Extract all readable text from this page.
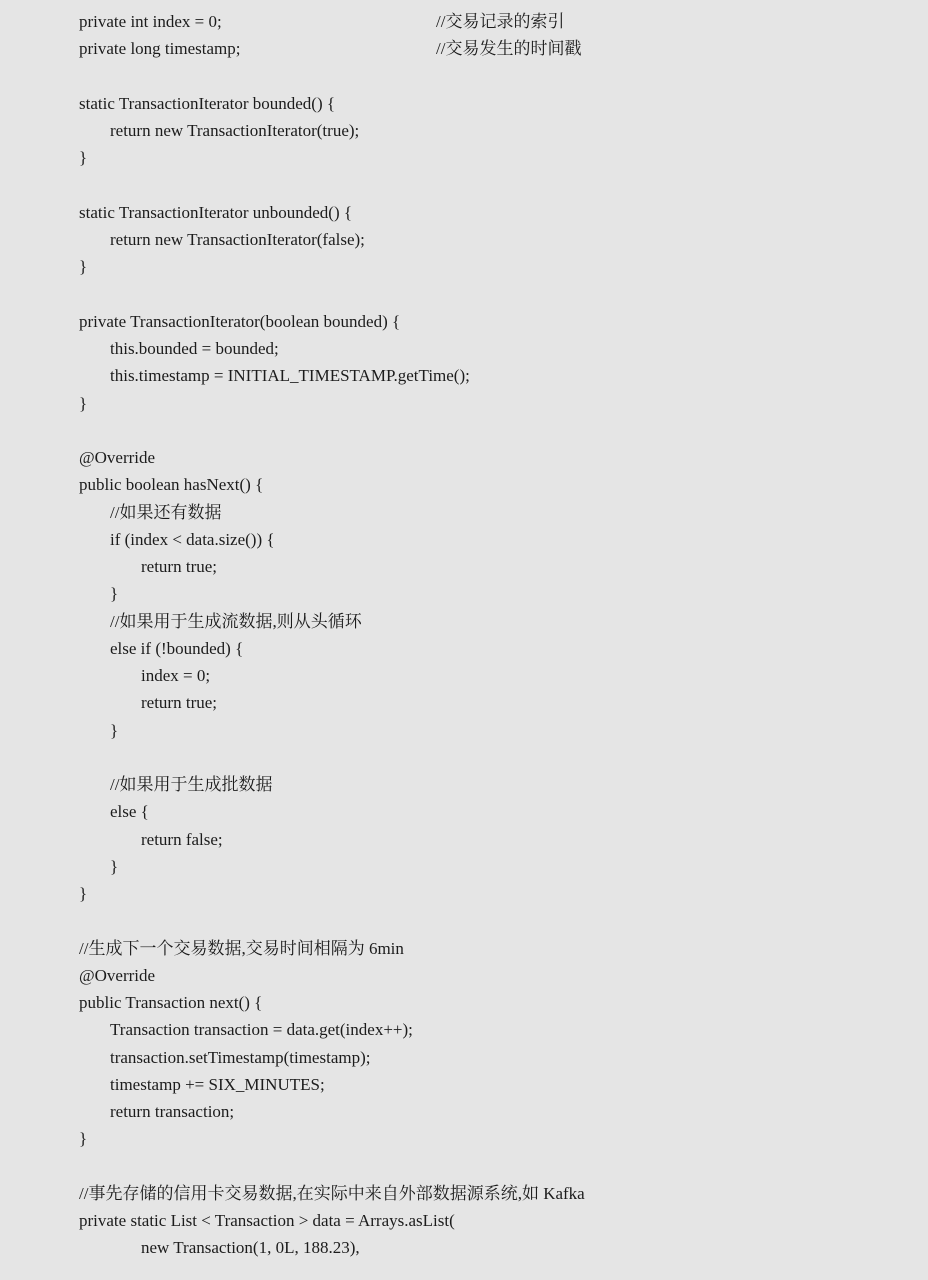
private int index = 0;	//交易记录的索引
private long timestamp;	//交易发生的时间戳
static TransactionIterator bounded() {
return new TransactionIterator(true);
}
static TransactionIterator unbounded() {
return new TransactionIterator(false);
}
private TransactionIterator(boolean bounded) {
this.bounded = bounded;
this.timestamp = INITIAL_TIMESTAMP.getTime();
}
@Override
public boolean hasNext() {
//如果还有数据
if (index < data.size()) {
return true;
}
//如果用于生成流数据,则从头循环
else if (!bounded) {
index = 0;
return true;
}
//如果用于生成批数据
else {
return false;
}
}
//生成下一个交易数据,交易时间相隔为 6min
@Override
public Transaction next() {
Transaction transaction = data.get(index++);
transaction.setTimestamp(timestamp);
timestamp += SIX_MINUTES;
return transaction;
}
//事先存储的信用卡交易数据,在实际中来自外部数据源系统,如 Kafka
private static List < Transaction > data = Arrays.asList(
new Transaction(1, 0L, 188.23),
